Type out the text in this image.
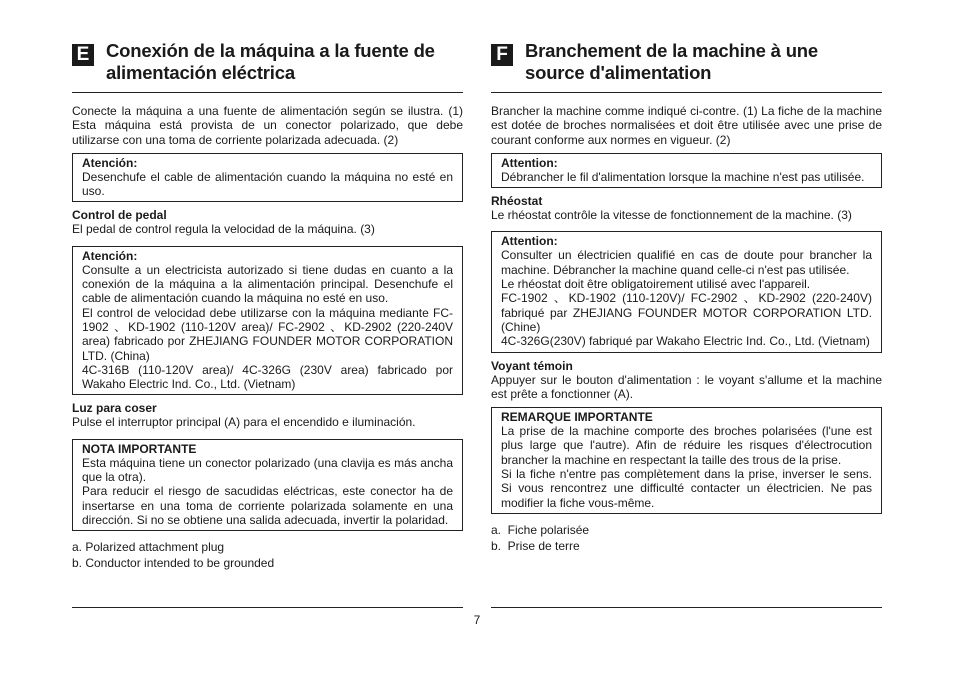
E Conexión de la máquina a la fuente de alimentación eléctrica

Conecte la máquina a una fuente de alimentación según se ilustra. (1) Esta máquina está provista de un conector polarizado, que debe utilizarse con una toma de corriente polarizada adecuada. (2)

Atención:

Desenchufe el cable de alimentación cuando la máquina no esté en uso.

Control de pedal

El pedal de control regula la velocidad de la máquina. (3)

Atención:

Consulte a un electricista autorizado si tiene dudas en cuanto a la conexión de la máquina a la alimentación principal. Desenchufe el cable de alimentación cuando la máquina no esté en uso.

El control de velocidad debe utilizarse con la máquina mediante FC-1902 、KD-1902 (110-120V area)/ FC-2902 、KD-2902 (220-240V area) fabricado por ZHEJIANG FOUNDER MOTOR CORPORATION LTD. (China)

4C-316B (110-120V area)/ 4C-326G (230V area) fabricado por Wakaho Electric Ind. Co., Ltd. (Vietnam)

Luz para coser

Pulse el interruptor principal (A) para el encendido e iluminación.

NOTA IMPORTANTE

Esta máquina tiene un conector polarizado (una clavija es más ancha que la otra).

Para reducir el riesgo de sacudidas eléctricas, este conector ha de insertarse en una toma de corriente polarizada solamente en una dirección. Si no se obtiene una salida adecuada, invertir la polaridad.

a. Polarized attachment plug
b. Conductor intended to be grounded
F Branchement de la machine à une source d'alimentation

Brancher la machine comme indiqué ci-contre. (1) La fiche de la machine est dotée de broches normalisées et doit être utilisée avec une prise de courant conforme aux normes en vigueur. (2)

Attention:

Débrancher le fil d'alimentation lorsque la machine n'est pas utilisée.

Rhéostat

Le rhéostat contrôle la vitesse de fonctionnement de la machine. (3)

Attention:

Consulter un électricien qualifié en cas de doute pour brancher la machine. Débrancher la machine quand celle-ci n'est pas utilisée.

Le rhéostat doit être obligatoirement utilisé avec l'appareil.

FC-1902 、KD-1902 (110-120V)/ FC-2902 、KD-2902 (220-240V) fabriqué par ZHEJIANG FOUNDER MOTOR CORPORATION LTD. (Chine)

4C-326G(230V) fabriqué par Wakaho Electric Ind. Co., Ltd. (Vietnam)

Voyant témoin

Appuyer sur le bouton d'alimentation : le voyant s'allume et la machine est prête a fonctionner (A).

REMARQUE IMPORTANTE

La prise de la machine comporte des broches polarisées (l'une est plus large que l'autre). Afin de réduire les risques d'électrocution brancher la machine en respectant la taille des trous de la prise.

Si la fiche n'entre pas complètement dans la prise, inverser le sens. Si vous rencontrez une difficulté contacter un électricien. Ne pas modifier la fiche vous-même.

a.  Fiche polarisée
b.  Prise de terre
7
